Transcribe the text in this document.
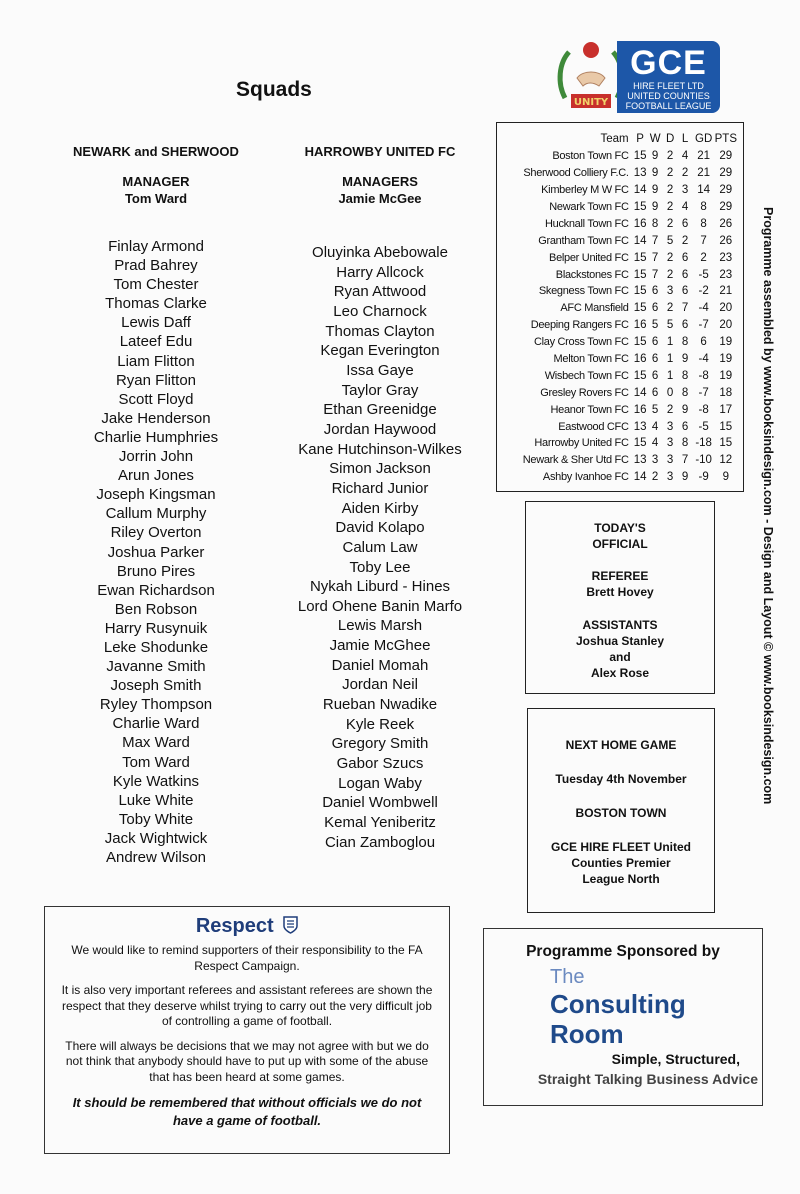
Squads
NEWARK and SHERWOOD
MANAGER
Tom Ward
Finlay Armond
Prad Bahrey
Tom Chester
Thomas Clarke
Lewis Daff
Lateef Edu
Liam Flitton
Ryan Flitton
Scott Floyd
Jake Henderson
Charlie Humphries
Jorrin John
Arun Jones
Joseph Kingsman
Callum Murphy
Riley Overton
Joshua Parker
Bruno Pires
Ewan Richardson
Ben Robson
Harry Rusynuik
Leke Shodunke
Javanne Smith
Joseph Smith
Ryley Thompson
Charlie Ward
Max Ward
Tom Ward
Kyle Watkins
Luke White
Toby White
Jack Wightwick
Andrew Wilson
HARROWBY UNITED FC
MANAGERS
Jamie McGee
Oluyinka Abebowale
Harry Allcock
Ryan Attwood
Leo Charnock
Thomas Clayton
Kegan Everington
Issa Gaye
Taylor Gray
Ethan Greenidge
Jordan Haywood
Kane Hutchinson-Wilkes
Simon Jackson
Richard Junior
Aiden Kirby
David Kolapo
Calum Law
Toby Lee
Nykah Liburd - Hines
Lord Ohene Banin Marfo
Lewis Marsh
Jamie McGhee
Daniel Momah
Jordan Neil
Rueban Nwadike
Kyle Reek
Gregory Smith
Gabor Szucs
Logan Waby
Daniel Wombwell
Kemal Yeniberitz
Cian Zamboglou
UNITY
GCE
HIRE FLEET LTD
UNITED COUNTIES
FOOTBALL LEAGUE
Team	P	W	D	L	GD	PTS
Boston Town FC	15	9	2	4	21	29
Sherwood Colliery F.C.	13	9	2	2	21	29
Kimberley M W FC	14	9	2	3	14	29
Newark Town FC	15	9	2	4	8	29
Hucknall Town FC	16	8	2	6	8	26
Grantham Town FC	14	7	5	2	7	26
Belper United FC	15	7	2	6	2	23
Blackstones FC	15	7	2	6	-5	23
Skegness Town FC	15	6	3	6	-2	21
AFC Mansfield	15	6	2	7	-4	20
Deeping Rangers FC	16	5	5	6	-7	20
Clay Cross Town FC	15	6	1	8	6	19
Melton Town FC	16	6	1	9	-4	19
Wisbech Town FC	15	6	1	8	-8	19
Gresley Rovers FC	14	6	0	8	-7	18
Heanor Town FC	16	5	2	9	-8	17
Eastwood CFC	13	4	3	6	-5	15
Harrowby United FC	15	4	3	8	-18	15
Newark & Sher Utd FC	13	3	3	7	-10	12
Ashby Ivanhoe FC	14	2	3	9	-9	9	Programme assembled by www.booksindesign.com - Design and Layout © www.booksindesign.com
TODAY'S
OFFICIAL
REFEREE
Brett Hovey
ASSISTANTS
Joshua Stanley
and
Alex Rose
NEXT HOME GAME
Tuesday 4th November
BOSTON TOWN
GCE HIRE FLEET United
Counties Premier
League North
Respect

We would like to remind supporters of their responsibility to the FA Respect Campaign.

It is also very important referees and assistant referees are shown the respect that they deserve whilst trying to carry out the very difficult job of controlling a game of football.

There will always be decisions that we may not agree with but we do not think that anybody should have to put up with some of the abuse that has been heard at some games.

It should be remembered that without officials we do not have a game of football.

Programme Sponsored by
The
Consulting
Room
Simple, Structured,
Straight Talking Business Advice
